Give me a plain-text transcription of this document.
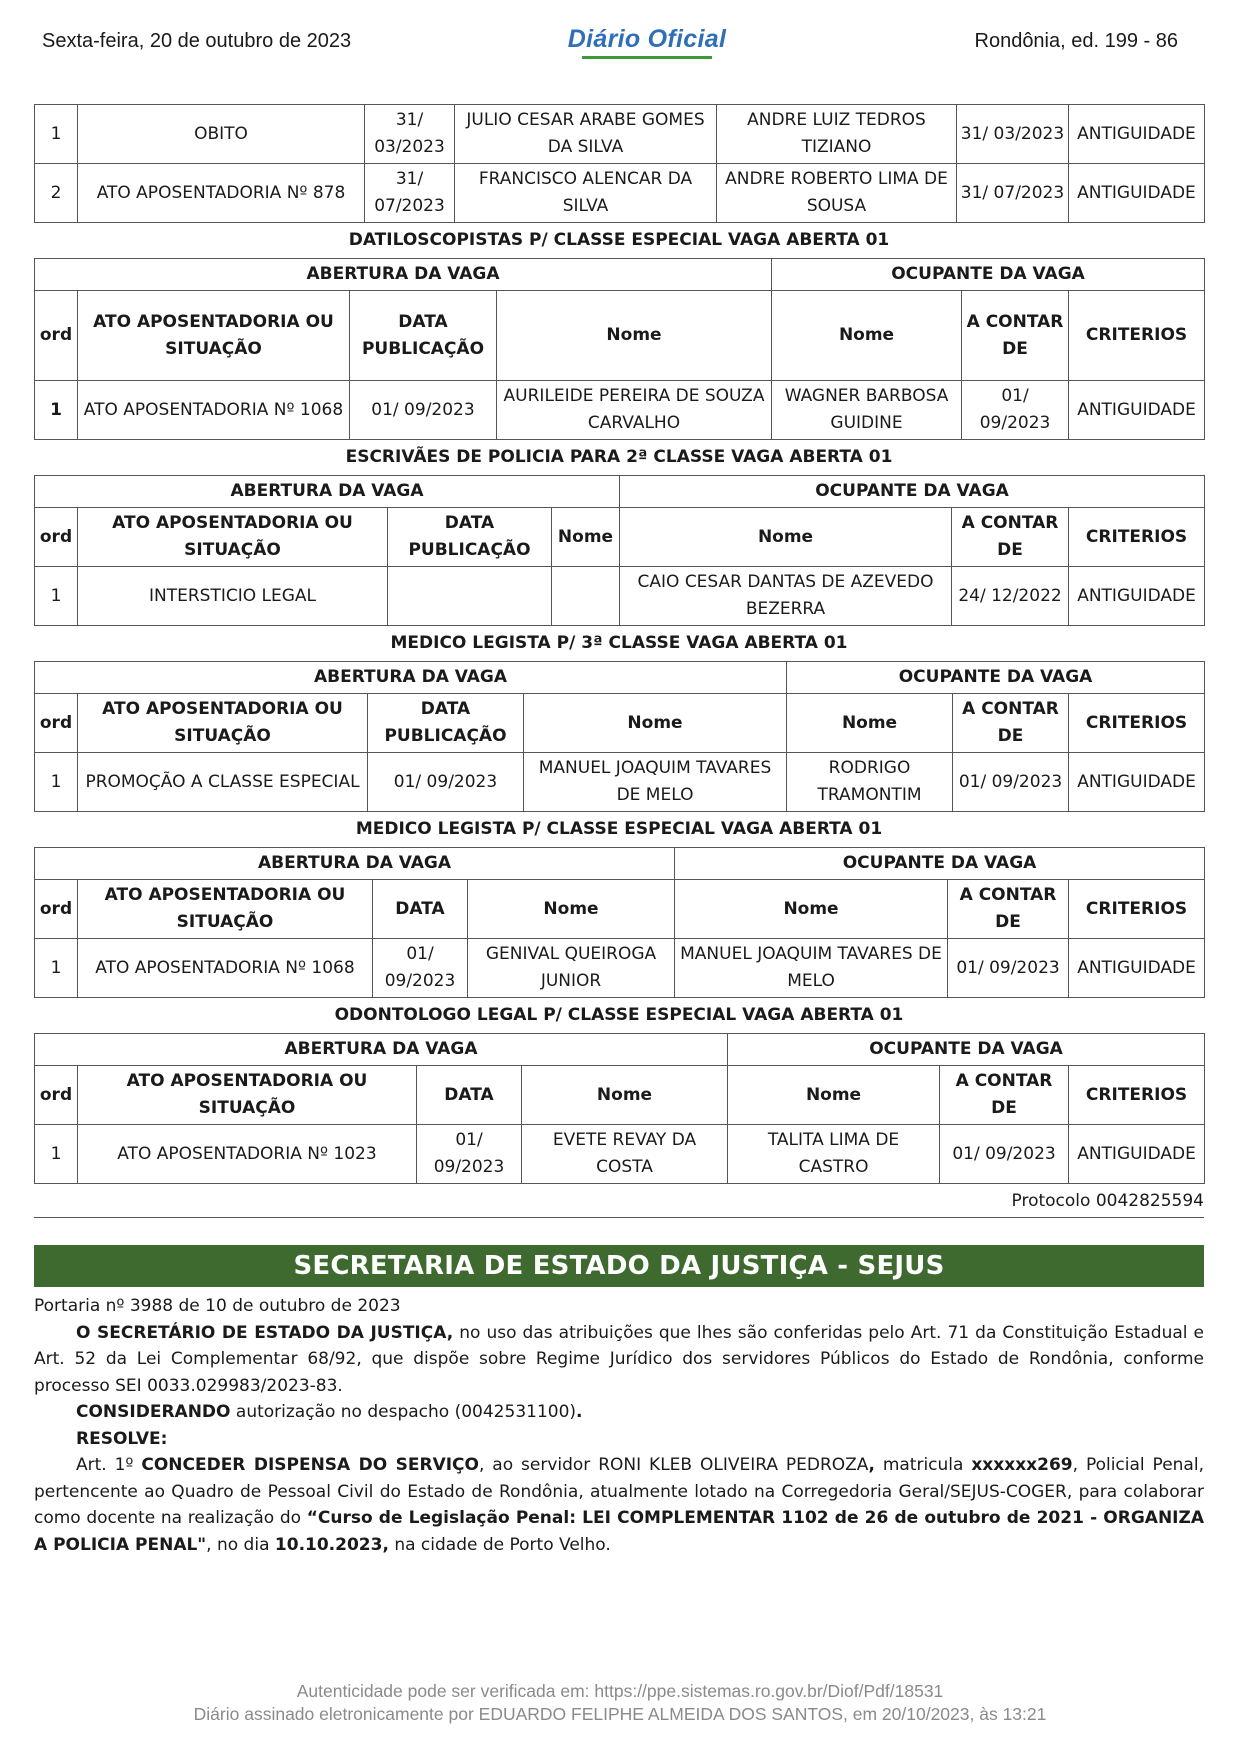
Sexta-feira, 20 de outubro de 2023	Diário Oficial	Rondônia, ed. 199 - 86
1	OBITO	31/ 03/2023	JULIO CESAR ARABE GOMES DA SILVA	ANDRE LUIZ TEDROS TIZIANO	31/ 03/2023	ANTIGUIDADE
2	ATO APOSENTADORIA Nº 878	31/ 07/2023	FRANCISCO ALENCAR DA SILVA	ANDRE ROBERTO LIMA DE SOUSA	31/ 07/2023	ANTIGUIDADE
DATILOSCOPISTAS P/ CLASSE ESPECIAL VAGA ABERTA 01
ABERTURA DA VAGA				OCUPANTE DA VAGA		
ord	ATO APOSENTADORIA OU SITUAÇÃO	DATA PUBLICAÇÃO	Nome	Nome	A CONTAR DE	CRITERIOS
1	ATO APOSENTADORIA Nº 1068	01/ 09/2023	AURILEIDE PEREIRA DE SOUZA CARVALHO	WAGNER BARBOSA GUIDINE	01/ 09/2023	ANTIGUIDADE
ESCRIVÃES DE POLICIA PARA 2ª CLASSE VAGA ABERTA 01
ABERTURA DA VAGA				OCUPANTE DA VAGA		
ord	ATO APOSENTADORIA OU SITUAÇÃO	DATA PUBLICAÇÃO	Nome	Nome	A CONTAR DE	CRITERIOS
1	INTERSTICIO LEGAL			CAIO CESAR DANTAS DE AZEVEDO BEZERRA	24/ 12/2022	ANTIGUIDADE
MEDICO LEGISTA P/ 3ª CLASSE VAGA ABERTA 01
ABERTURA DA VAGA				OCUPANTE DA VAGA		
ord	ATO APOSENTADORIA OU SITUAÇÃO	DATA PUBLICAÇÃO	Nome	Nome	A CONTAR DE	CRITERIOS
1	PROMOÇÃO A CLASSE ESPECIAL	01/ 09/2023	MANUEL JOAQUIM TAVARES DE MELO	RODRIGO TRAMONTIM	01/ 09/2023	ANTIGUIDADE
MEDICO LEGISTA P/ CLASSE ESPECIAL VAGA ABERTA 01
ABERTURA DA VAGA				OCUPANTE DA VAGA		
ord	ATO APOSENTADORIA OU SITUAÇÃO	DATA	Nome	Nome	A CONTAR DE	CRITERIOS
1	ATO APOSENTADORIA Nº 1068	01/ 09/2023	GENIVAL QUEIROGA JUNIOR	MANUEL JOAQUIM TAVARES DE MELO	01/ 09/2023	ANTIGUIDADE
ODONTOLOGO LEGAL P/ CLASSE ESPECIAL VAGA ABERTA 01
ABERTURA DA VAGA				OCUPANTE DA VAGA		
ord	ATO APOSENTADORIA OU SITUAÇÃO	DATA	Nome	Nome	A CONTAR DE	CRITERIOS
1	ATO APOSENTADORIA Nº 1023	01/ 09/2023	EVETE REVAY DA COSTA	TALITA LIMA DE CASTRO	01/ 09/2023	ANTIGUIDADE
Protocolo 0042825594
SECRETARIA DE ESTADO DA JUSTIÇA - SEJUS

Portaria nº 3988 de 10 de outubro de 2023

O SECRETÁRIO DE ESTADO DA JUSTIÇA, no uso das atribuições que lhes são conferidas pelo Art. 71 da Constituição Estadual e Art. 52 da Lei Complementar 68/92, que dispõe sobre Regime Jurídico dos servidores Públicos do Estado de Rondônia, conforme processo SEI 0033.029983/2023-83.

CONSIDERANDO autorização no despacho (0042531100).

RESOLVE:

Art. 1º CONCEDER DISPENSA DO SERVIÇO, ao servidor RONI KLEB OLIVEIRA PEDROZA, matricula xxxxxx269, Policial Penal, pertencente ao Quadro de Pessoal Civil do Estado de Rondônia, atualmente lotado na Corregedoria Geral/SEJUS-COGER, para colaborar como docente na realização do “Curso de Legislação Penal: LEI COMPLEMENTAR 1102 de 26 de outubro de 2021 - ORGANIZA A POLICIA PENAL", no dia 10.10.2023, na cidade de Porto Velho.

Autenticidade pode ser verificada em: https://ppe.sistemas.ro.gov.br/Diof/Pdf/18531
Diário assinado eletronicamente por EDUARDO FELIPHE ALMEIDA DOS SANTOS, em 20/10/2023, às 13:21
